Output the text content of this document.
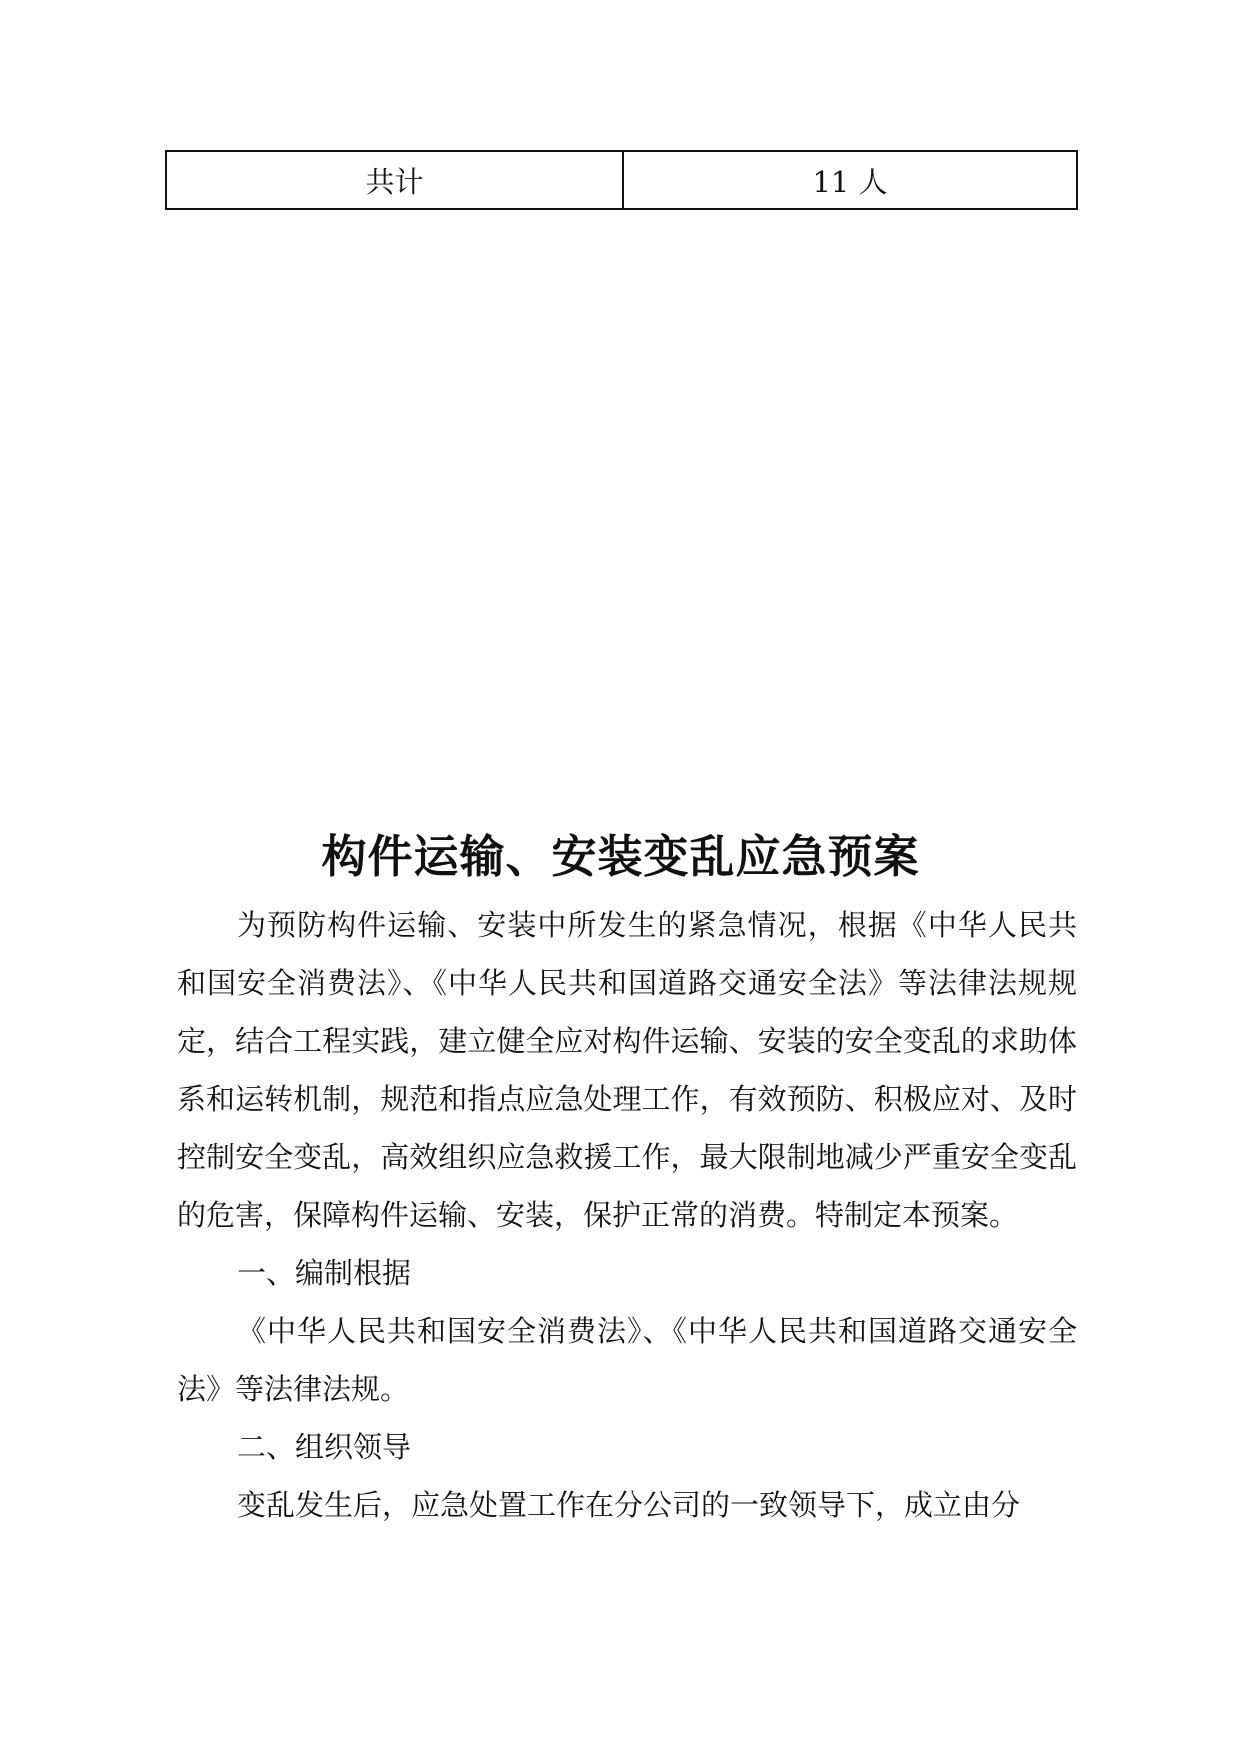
共计	11 人
构件运输、安装变乱应急预案

为预防构件运输、安装中所发生的紧急情况，根据《中华人民共和国安全消费法》、《中华人民共和国道路交通安全法》等法律法规规定，结合工程实践，建立健全应对构件运输、安装的安全变乱的求助体系和运转机制，规范和指点应急处理工作，有效预防、积极应对、及时控制安全变乱，高效组织应急救援工作，最大限制地减少严重安全变乱的危害，保障构件运输、安装，保护正常的消费。特制定本预案。

一、编制根据

《中华人民共和国安全消费法》、《中华人民共和国道路交通安全法》等法律法规。

二、组织领导

变乱发生后，应急处置工作在分公司的一致领导下，成立由分
